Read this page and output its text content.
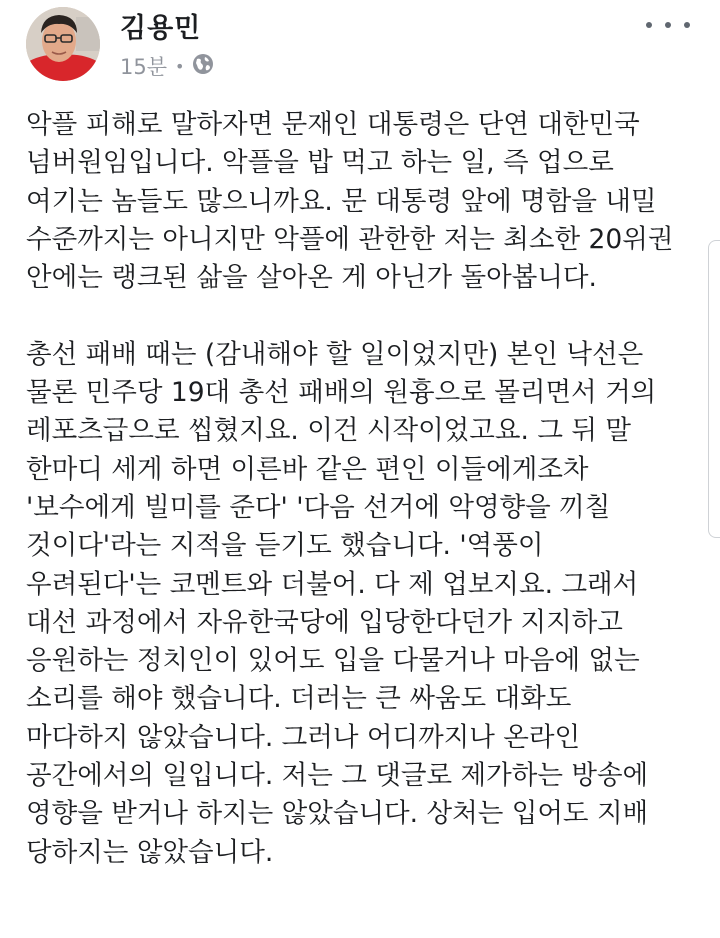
김용민
15분 •

악플 피해로 말하자면 문재인 대통령은 단연 대한민국
넘버원임입니다. 악플을 밥 먹고 하는 일, 즉 업으로
여기는 놈들도 많으니까요. 문 대통령 앞에 명함을 내밀
수준까지는 아니지만 악플에 관한한 저는 최소한 20위권
안에는 랭크된 삶을 살아온 게 아닌가 돌아봅니다.

총선 패배 때는 (감내해야 할 일이었지만) 본인 낙선은
물론 민주당 19대 총선 패배의 원흉으로 몰리면서 거의
레포츠급으로 씹혔지요. 이건 시작이었고요. 그 뒤 말
한마디 세게 하면 이른바 같은 편인 이들에게조차
'보수에게 빌미를 준다' '다음 선거에 악영향을 끼칠
것이다'라는 지적을 듣기도 했습니다. '역풍이
우려된다'는 코멘트와 더불어. 다 제 업보지요. 그래서
대선 과정에서 자유한국당에 입당한다던가 지지하고
응원하는 정치인이 있어도 입을 다물거나 마음에 없는
소리를 해야 했습니다. 더러는 큰 싸움도 대화도
마다하지 않았습니다. 그러나 어디까지나 온라인
공간에서의 일입니다. 저는 그 댓글로 제가하는 방송에
영향을 받거나 하지는 않았습니다. 상처는 입어도 지배
당하지는 않았습니다.
